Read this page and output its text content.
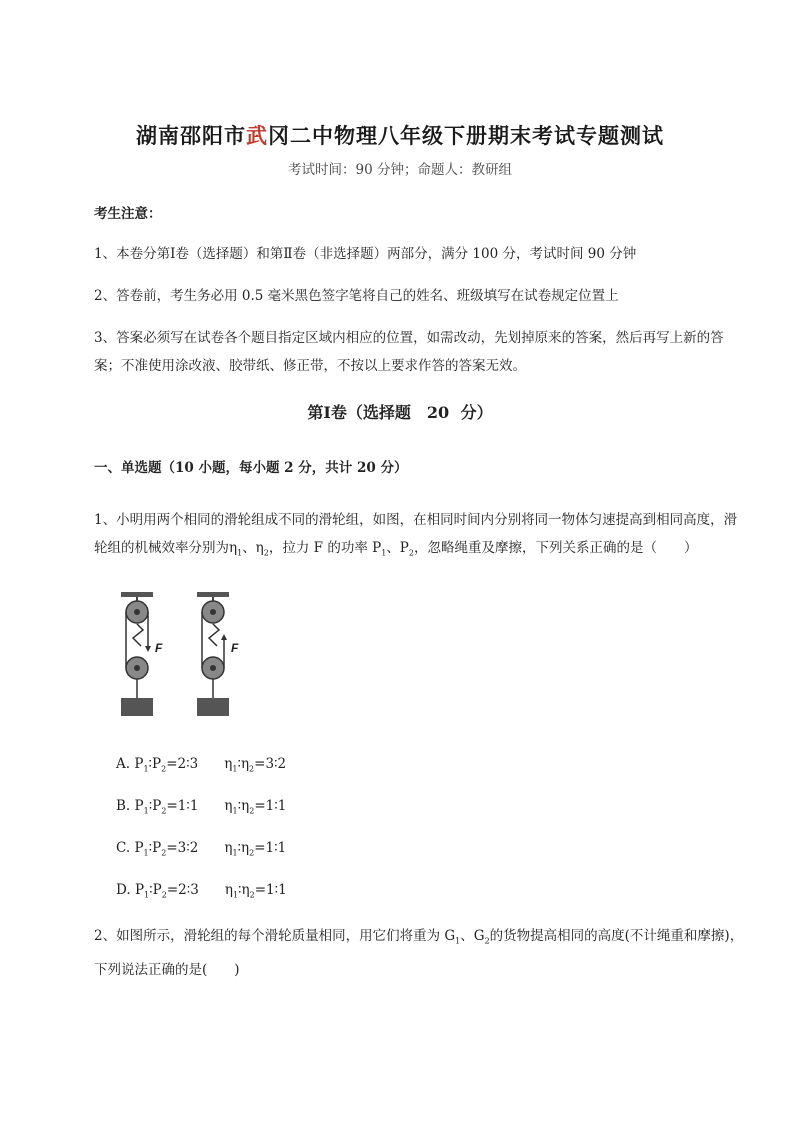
湖南邵阳市武冈二中物理八年级下册期末考试专题测试
考试时间：90 分钟；命题人：教研组
考生注意：
1、本卷分第Ⅰ卷（选择题）和第Ⅱ卷（非选择题）两部分，满分 100 分，考试时间 90 分钟
2、答卷前，考生务必用 0.5 毫米黑色签字笔将自己的姓名、班级填写在试卷规定位置上
3、答案必须写在试卷各个题目指定区域内相应的位置，如需改动，先划掉原来的答案，然后再写上新的答案；不准使用涂改液、胶带纸、修正带，不按以上要求作答的答案无效。
第Ⅰ卷（选择题　20 分）
一、单选题（10 小题，每小题 2 分，共计 20 分）
1、小明用两个相同的滑轮组成不同的滑轮组，如图，在相同时间内分别将同一物体匀速提高到相同高度，滑轮组的机械效率分别为$\eta_1$、$\eta_2$，拉力 F 的功率 $P_1$、$P_2$，忽略绳重及摩擦，下列关系正确的是（　　）
F	F
A. $P_1∶P_2=2∶3$ $\eta_1∶\eta_2=3∶2$
B. $P_1∶P_2=1∶1$ $\eta_1∶\eta_2=1∶1$
C. $P_1∶P_2=3∶2$ $\eta_1∶\eta_2=1∶1$
D. $P_1∶P_2=2∶3$ $\eta_1∶\eta_2=1∶1$
2、如图所示，滑轮组的每个滑轮质量相同，用它们将重为 $G_1$、$G_2$的货物提高相同的高度(不计绳重和摩擦)，下列说法正确的是(　　)
